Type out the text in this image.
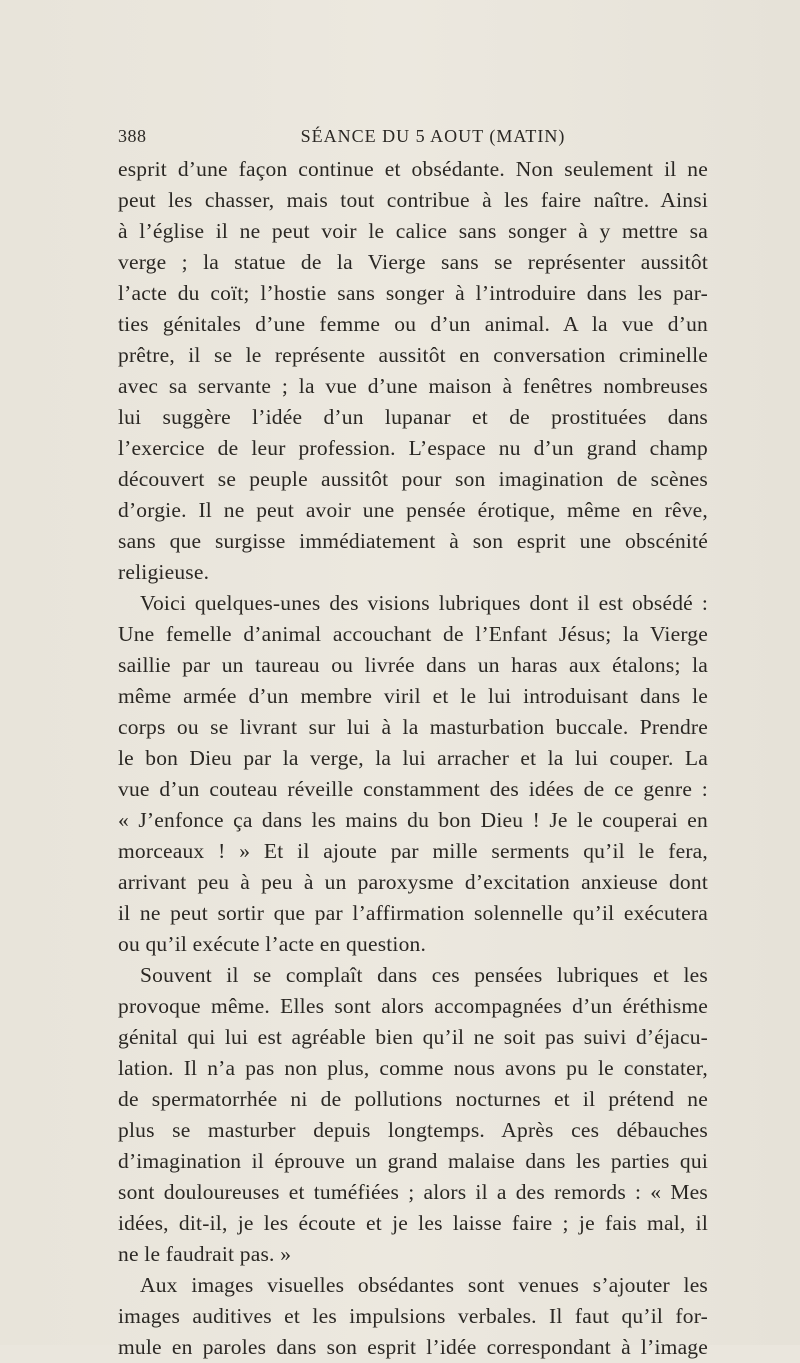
388	SÉANCE DU 5 AOUT (MATIN)
esprit d’une façon continue et obsédante. Non seulement il ne
peut les chasser, mais tout contribue à les faire naître. Ainsi
à l’église il ne peut voir le calice sans songer à y mettre sa
verge ; la statue de la Vierge sans se représenter aussitôt
l’acte du coït; l’hostie sans songer à l’introduire dans les par-
ties génitales d’une femme ou d’un animal. A la vue d’un
prêtre, il se le représente aussitôt en conversation criminelle
avec sa servante ; la vue d’une maison à fenêtres nombreuses
lui suggère l’idée d’un lupanar et de prostituées dans
l’exercice de leur profession. L’espace nu d’un grand champ
découvert se peuple aussitôt pour son imagination de scènes
d’orgie. Il ne peut avoir une pensée érotique, même en rêve,
sans que surgisse immédiatement à son esprit une obscénité
religieuse.
Voici quelques-unes des visions lubriques dont il est obsédé :
Une femelle d’animal accouchant de l’Enfant Jésus; la Vierge
saillie par un taureau ou livrée dans un haras aux étalons; la
même armée d’un membre viril et le lui introduisant dans le
corps ou se livrant sur lui à la masturbation buccale. Prendre
le bon Dieu par la verge, la lui arracher et la lui couper. La
vue d’un couteau réveille constamment des idées de ce genre :
« J’enfonce ça dans les mains du bon Dieu ! Je le couperai en
morceaux ! » Et il ajoute par mille serments qu’il le fera,
arrivant peu à peu à un paroxysme d’excitation anxieuse dont
il ne peut sortir que par l’affirmation solennelle qu’il exécutera
ou qu’il exécute l’acte en question.
Souvent il se complaît dans ces pensées lubriques et les
provoque même. Elles sont alors accompagnées d’un éréthisme
génital qui lui est agréable bien qu’il ne soit pas suivi d’éjacu-
lation. Il n’a pas non plus, comme nous avons pu le constater,
de spermatorrhée ni de pollutions nocturnes et il prétend ne
plus se masturber depuis longtemps. Après ces débauches
d’imagination il éprouve un grand malaise dans les parties qui
sont douloureuses et tuméfiées ; alors il a des remords : « Mes
idées, dit-il, je les écoute et je les laisse faire ; je fais mal, il
ne le faudrait pas. »
Aux images visuelles obsédantes sont venues s’ajouter les
images auditives et les impulsions verbales. Il faut qu’il for-
mule en paroles dans son esprit l’idée correspondant à l’image
